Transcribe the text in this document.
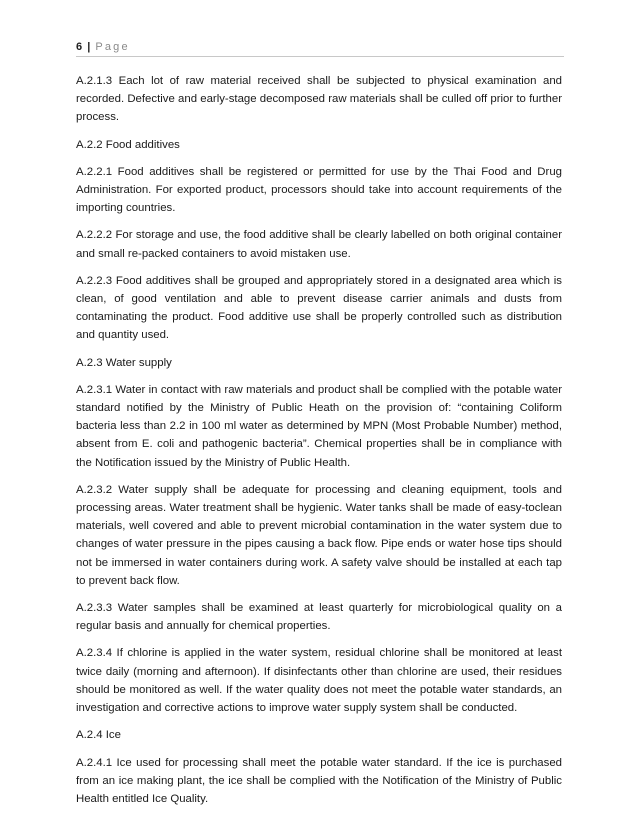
6 | Page

A.2.1.3 Each lot of raw material received shall be subjected to physical examination and recorded. Defective and early-stage decomposed raw materials shall be culled off prior to further process.

A.2.2 Food additives

A.2.2.1 Food additives shall be registered or permitted for use by the Thai Food and Drug Administration. For exported product, processors should take into account requirements of the importing countries.

A.2.2.2 For storage and use, the food additive shall be clearly labelled on both original container and small re-packed containers to avoid mistaken use.

A.2.2.3 Food additives shall be grouped and appropriately stored in a designated area which is clean, of good ventilation and able to prevent disease carrier animals and dusts from contaminating the product. Food additive use shall be properly controlled such as distribution and quantity used.

A.2.3 Water supply

A.2.3.1 Water in contact with raw materials and product shall be complied with the potable water standard notified by the Ministry of Public Heath on the provision of: “containing Coliform bacteria less than 2.2 in 100 ml water as determined by MPN (Most Probable Number) method, absent from E. coli and pathogenic bacteria”. Chemical properties shall be in compliance with the Notification issued by the Ministry of Public Health.

A.2.3.2 Water supply shall be adequate for processing and cleaning equipment, tools and processing areas. Water treatment shall be hygienic. Water tanks shall be made of easy-toclean materials, well covered and able to prevent microbial contamination in the water system due to changes of water pressure in the pipes causing a back flow. Pipe ends or water hose tips should not be immersed in water containers during work. A safety valve should be installed at each tap to prevent back flow.

A.2.3.3 Water samples shall be examined at least quarterly for microbiological quality on a regular basis and annually for chemical properties.

A.2.3.4 If chlorine is applied in the water system, residual chlorine shall be monitored at least twice daily (morning and afternoon). If disinfectants other than chlorine are used, their residues should be monitored as well. If the water quality does not meet the potable water standards, an investigation and corrective actions to improve water supply system shall be conducted.

A.2.4 Ice

A.2.4.1 Ice used for processing shall meet the potable water standard. If the ice is purchased from an ice making plant, the ice shall be complied with the Notification of the Ministry of Public Health entitled Ice Quality.
